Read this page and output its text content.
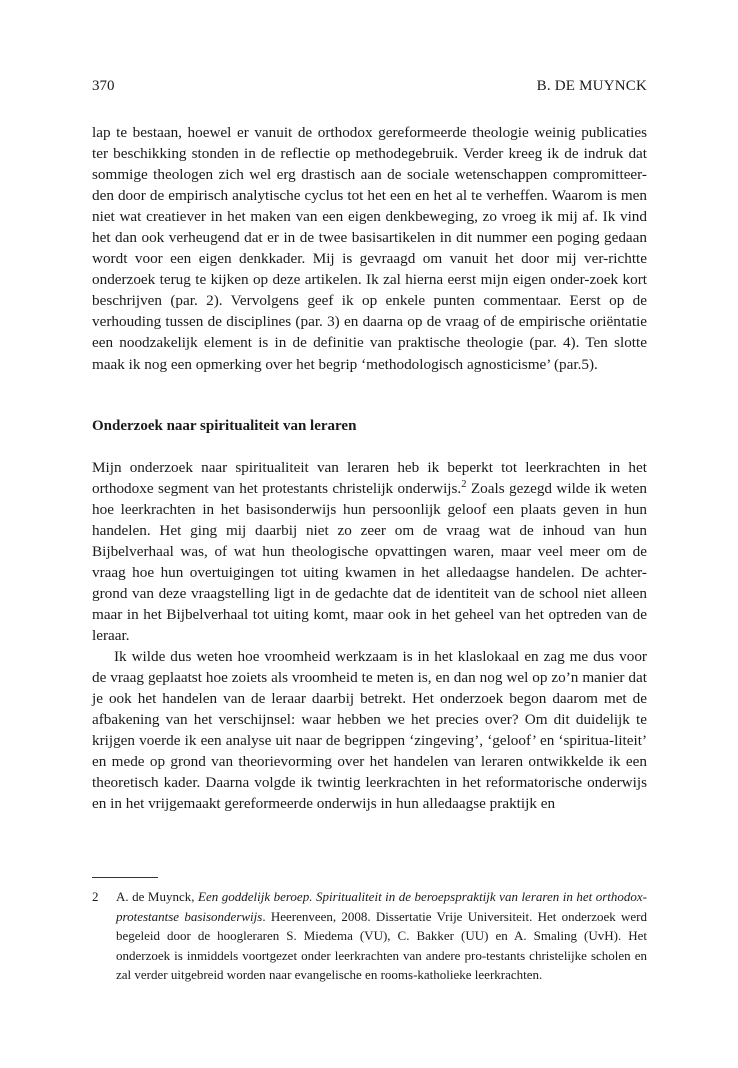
370	B. DE MUYNCK

lap te bestaan, hoewel er vanuit de orthodox gereformeerde theologie weinig publicaties ter beschikking stonden in de reflectie op methodegebruik. Verder kreeg ik de indruk dat sommige theologen zich wel erg drastisch aan de sociale wetenschappen compromitteer-den door de empirisch analytische cyclus tot het een en het al te verheffen. Waarom is men niet wat creatiever in het maken van een eigen denkbeweging, zo vroeg ik mij af. Ik vind het dan ook verheugend dat er in de twee basisartikelen in dit nummer een poging gedaan wordt voor een eigen denkkader. Mij is gevraagd om vanuit het door mij ver-richtte onderzoek terug te kijken op deze artikelen. Ik zal hierna eerst mijn eigen onder-zoek kort beschrijven (par. 2). Vervolgens geef ik op enkele punten commentaar. Eerst op de verhouding tussen de disciplines (par. 3) en daarna op de vraag of de empirische oriëntatie een noodzakelijk element is in de definitie van praktische theologie (par. 4). Ten slotte maak ik nog een opmerking over het begrip ‘methodologisch agnosticisme’ (par.5).

Onderzoek naar spiritualiteit van leraren

Mijn onderzoek naar spiritualiteit van leraren heb ik beperkt tot leerkrachten in het orthodoxe segment van het protestants christelijk onderwijs.$^2$ Zoals gezegd wilde ik weten hoe leerkrachten in het basisonderwijs hun persoonlijk geloof een plaats geven in hun handelen. Het ging mij daarbij niet zo zeer om de vraag wat de inhoud van hun Bijbelverhaal was, of wat hun theologische opvattingen waren, maar veel meer om de vraag hoe hun overtuigingen tot uiting kwamen in het alledaagse handelen. De achter-grond van deze vraagstelling ligt in de gedachte dat de identiteit van de school niet alleen maar in het Bijbelverhaal tot uiting komt, maar ook in het geheel van het optreden van de leraar.

Ik wilde dus weten hoe vroomheid werkzaam is in het klaslokaal en zag me dus voor de vraag geplaatst hoe zoiets als vroomheid te meten is, en dan nog wel op zo’n manier dat je ook het handelen van de leraar daarbij betrekt. Het onderzoek begon daarom met de afbakening van het verschijnsel: waar hebben we het precies over? Om dit duidelijk te krijgen voerde ik een analyse uit naar de begrippen ‘zingeving’, ‘geloof’ en ‘spiritua-liteit’ en mede op grond van theorievorming over het handelen van leraren ontwikkelde ik een theoretisch kader. Daarna volgde ik twintig leerkrachten in het reformatorische onderwijs en in het vrijgemaakt gereformeerde onderwijs in hun alledaagse praktijk en

2 A. de Muynck, Een goddelijk beroep. Spiritualiteit in de beroepspraktijk van leraren in het orthodox-protestantse basisonderwijs. Heerenveen, 2008. Dissertatie Vrije Universiteit. Het onderzoek werd begeleid door de hoogleraren S. Miedema (VU), C. Bakker (UU) en A. Smaling (UvH). Het onderzoek is inmiddels voortgezet onder leerkrachten van andere pro-testants christelijke scholen en zal verder uitgebreid worden naar evangelische en rooms-katholieke leerkrachten.
